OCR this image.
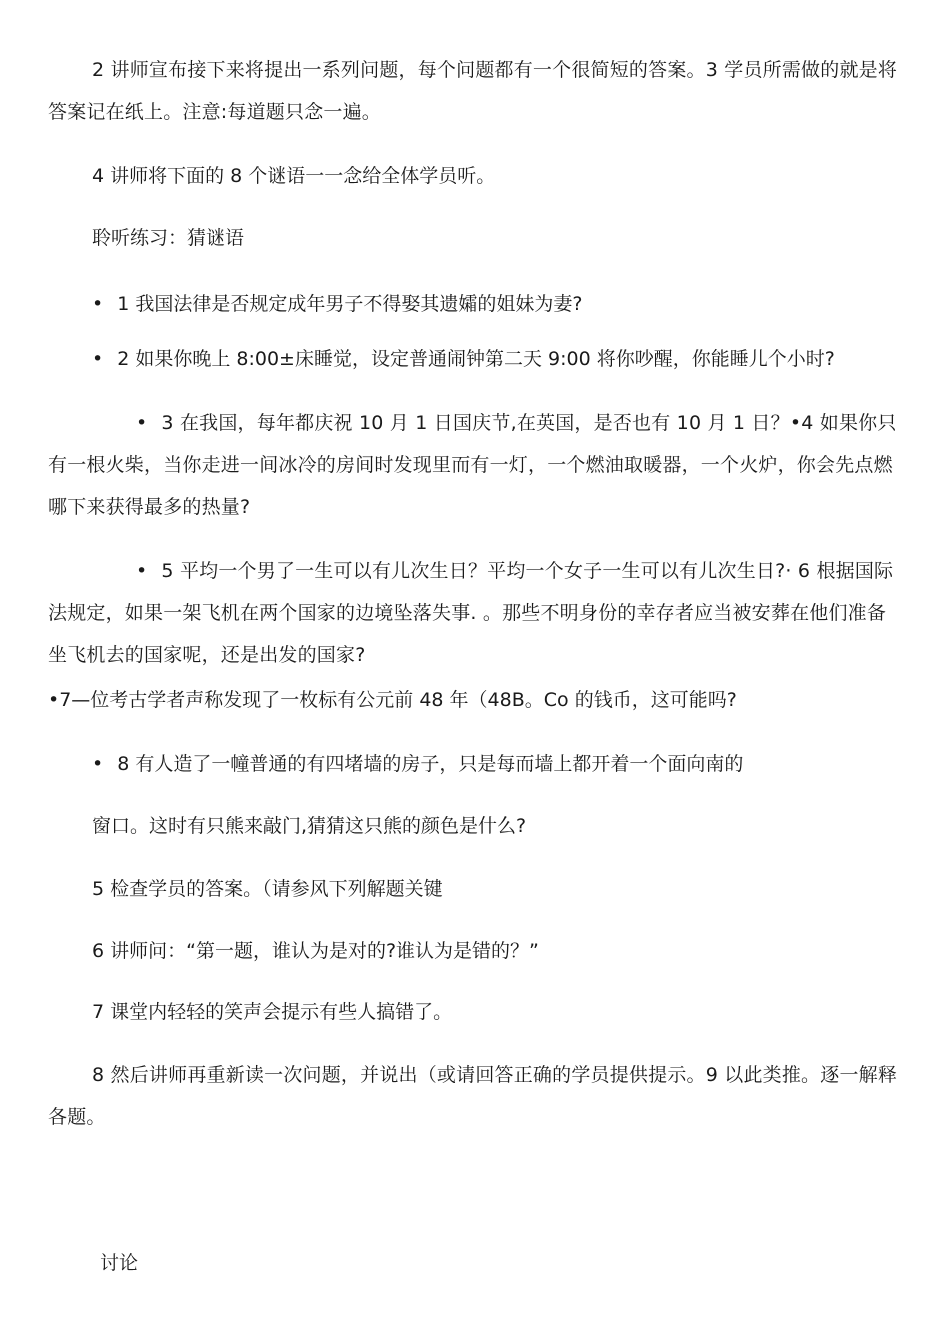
2 讲师宣布接下来将提出一系列问题，每个问题都有一个很简短的答案。3 学员所需做的就是将答案记在纸上。注意:每道题只念一遍。
4 讲师将下面的 8 个谜语一一念给全体学员听。
聆听练习：猜谜语
• 1 我国法律是否规定成年男子不得娶其遗孀的姐妹为妻?
• 2 如果你晚上 8:00±床睡觉，设定普通闹钟第二天 9:00 将你吵醒，你能睡儿个小时?
• 3 在我国，每年都庆祝 10 月 1 日国庆节,在英国，是否也有 10 月 1 日？•4 如果你只有一根火柴，当你走进一间冰冷的房间时发现里而有一灯，一个燃油取暖器，一个火炉，你会先点燃哪下来获得最多的热量?
• 5 平均一个男了一生可以有儿次生日？平均一个女子一生可以有儿次生日?· 6 根据国际法规定，如果一架飞机在两个国家的边境坠落失事. 。那些不明身份的幸存者应当被安葬在他们准备坐飞机去的国家呢，还是出发的国家?
•7—位考古学者声称发现了一枚标有公元前 48 年（48B。Co 的钱币，这可能吗?
• 8 有人造了一幢普通的有四堵墙的房子，只是每而墙上都开着一个面向南的
窗口。这时有只熊来敲门,猜猜这只熊的颜色是什么?
5 检查学员的答案。（请参风下列解题关键
6 讲师问：“第一题，谁认为是对的?谁认为是错的？”
7 课堂内轻轻的笑声会提示有些人搞错了。
8 然后讲师再重新读一次问题，并说出（或请回答正确的学员提供提示。9 以此类推。逐一解释各题。
讨论
